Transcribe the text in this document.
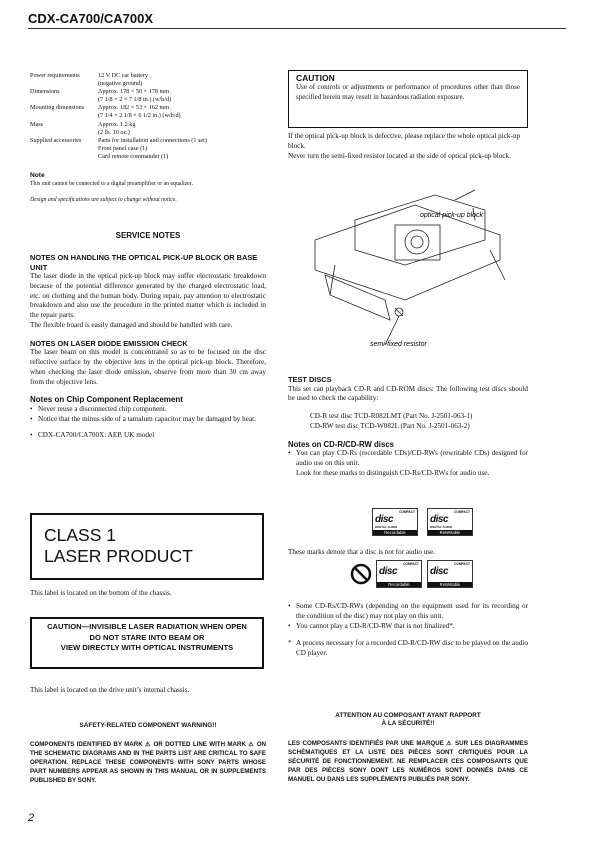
CDX-CA700/CA700X
Power requirements	12 V DC car battery
(negative ground)
Dimensions	Approx. 178 × 50 × 178 mm
(7 1/8 × 2 × 7 1/8 in.) (w/h/d)
Mounting dimensions	Approx. 182 × 53 × 162 mm
(7 1/4 × 2 1/8 × 6 1/2 in.) (w/h/d)
Mass	Approx. 1.2 kg
(2 lb. 10 oz.)
Supplied accessories	Parts for installation and connections (1 set)
Front panel case (1)
Card remote commander (1)
Note
This unit cannot be connected to a digital preamplifier or an equalizer.
Design and specifications are subject to change without notice.
CAUTION
Use of controls or adjustments or performance of procedures other than those specified herein may result in hazardous radiation exposure.
If the optical pick-up block is defective, please replace the whole optical pick-up block.
Never turn the semi-fixed resistor located at the side of optical pick-up block.
optical pick-up block
semi-fixed resistor
SERVICE NOTES
NOTES ON HANDLING THE OPTICAL PICK-UP BLOCK OR BASE UNIT
The laser diode in the optical pick-up block may suffer electrostatic breakdown because of the potential difference generated by the charged electrostatic load, etc. on clothing and the human body. During repair, pay attention to electrostatic breakdown and also use the procedure in the printed matter which is included in the repair parts.
The flexible board is easily damaged and should be handled with care.
NOTES ON LASER DIODE EMISSION CHECK
The laser beam on this model is concentrated so as to be focused on the disc reflective surface by the objective lens in the optical pick-up block. Therefore, when checking the laser diode emission, observe from more than 30 cm away from the objective lens.
Notes on Chip Component Replacement
• Never reuse a disconnected chip component.
• Notice that the minus side of a tantalum capacitor may be damaged by heat.
• CDX-CA700/CA700X: AEP, UK model
CLASS 1
LASER PRODUCT
This label is located on the bottom of the chassis.
CAUTION—INVISIBLE LASER RADIATION WHEN OPEN
DO NOT STARE INTO BEAM OR
VIEW DIRECTLY WITH OPTICAL INSTRUMENTS
This label is located on the drive unit’s internal chassis.
TEST DISCS
This set can playback CD-R and CD-ROM discs: The following test discs should be used to check the capability:
CD-R test disc TCD-R082LMT (Part No. J-2501-063-1)
CD-RW test disc TCD-W082L (Part No. J-2501-063-2)
Notes on CD-R/CD-RW discs
• You can play CD-Rs (recordable CDs)/CD-RWs (rewritable CDs) designed for audio use on this unit.
Look for these marks to distinguish CD-Rs/CD-RWs for audio use.
COMPACT
disc
DIGITAL AUDIO
Recordable

COMPACT
disc
DIGITAL AUDIO
ReWritable
These marks denote that a disc is not for audio use.
COMPACT
disc
Recordable
COMPACT
disc
ReWritable
• Some CD-Rs/CD-RWs (depending on the equipment used for its recording or the condition of the disc) may not play on this unit.
• You cannot play a CD-R/CD-RW that is not finalized*.
* A process necessary for a recorded CD-R/CD-RW disc to be played on the audio CD player.
SAFETY-RELATED COMPONENT WARNING!!
COMPONENTS IDENTIFIED BY MARK ⚠ OR DOTTED LINE WITH MARK ⚠ ON THE SCHEMATIC DIAGRAMS AND IN THE PARTS LIST ARE CRITICAL TO SAFE OPERATION. REPLACE THESE COMPONENTS WITH SONY PARTS WHOSE PART NUMBERS APPEAR AS SHOWN IN THIS MANUAL OR IN SUPPLEMENTS PUBLISHED BY SONY.
ATTENTION AU COMPOSANT AYANT RAPPORT
À LA SÉCURITÉ!!
LES COMPOSANTS IDENTIFIÉS PAR UNE MARQUE ⚠ SUR LES DIAGRAMMES SCHÉMATIQUES ET LA LISTE DES PIÈCES SONT CRITIQUES POUR LA SÉCURITÉ DE FONCTIONNEMENT. NE REMPLACER CES COMPOSANTS QUE PAR DES PIÈCES SONY DONT LES NUMÉROS SONT DONNÉS DANS CE MANUEL OU DANS LES SUPPLÉMENTS PUBLIÉS PAR SONY.
2
